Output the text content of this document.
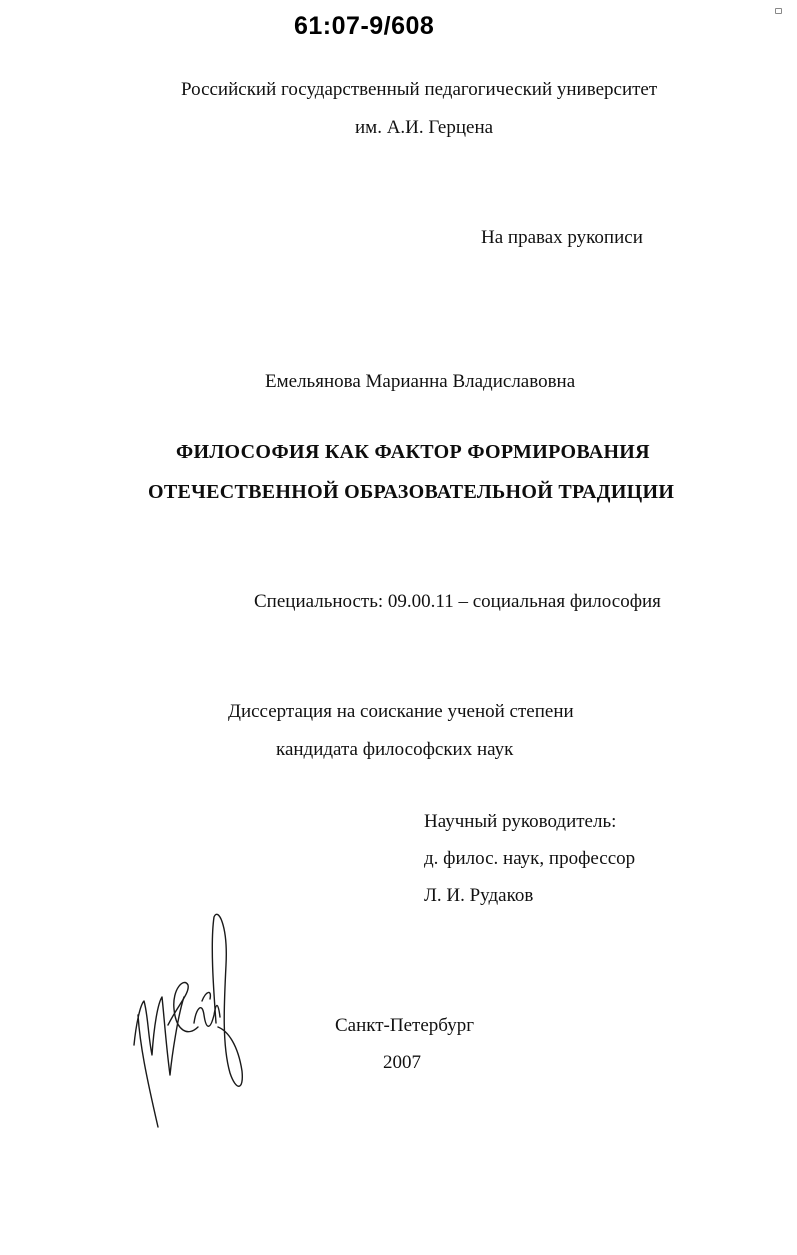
61:07-9/608
Российский государственный педагогический университет
им. А.И. Герцена
На правах рукописи
Емельянова Марианна Владиславовна
ФИЛОСОФИЯ КАК ФАКТОР ФОРМИРОВАНИЯ
ОТЕЧЕСТВЕННОЙ ОБРАЗОВАТЕЛЬНОЙ ТРАДИЦИИ
Специальность: 09.00.11 – социальная философия
Диссертация на соискание ученой степени
кандидата философских наук
Научный руководитель:
д. филос. наук, профессор
Л. И. Рудаков
Санкт-Петербург
2007
